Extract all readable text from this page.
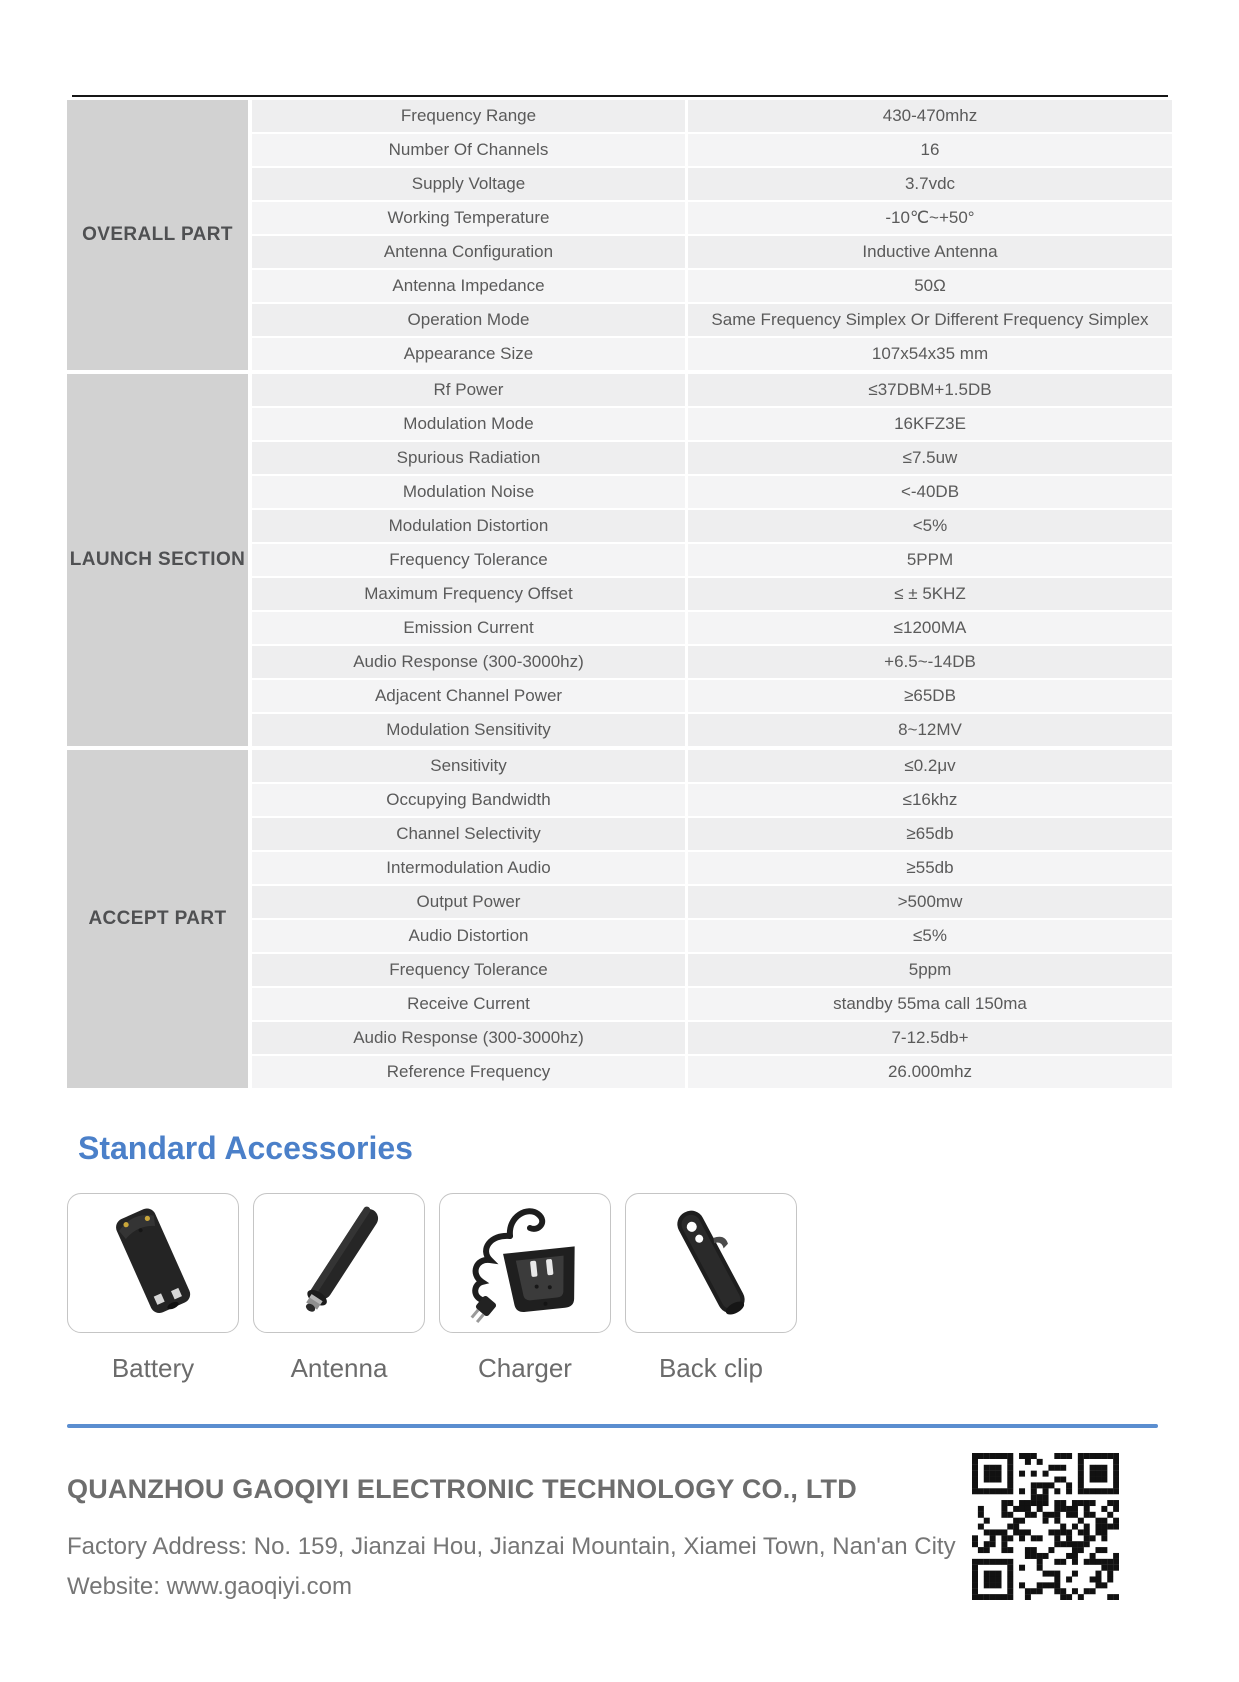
OVERALL PART
Frequency Range	430-470mhz
Number Of Channels	16
Supply Voltage	3.7vdc
Working Temperature	-10℃~+50°
Antenna Configuration	Inductive Antenna
Antenna Impedance	50Ω
Operation Mode	Same Frequency Simplex Or Different Frequency Simplex
Appearance Size	107x54x35 mm
LAUNCH SECTION
Rf Power	≤37DBM+1.5DB
Modulation Mode	16KFZ3E
Spurious Radiation	≤7.5uw
Modulation Noise	<-40DB
Modulation Distortion	<5%
Frequency Tolerance	5PPM
Maximum Frequency Offset	≤ ± 5KHZ
Emission Current	≤1200MA
Audio Response (300-3000hz)	+6.5~-14DB
Adjacent Channel Power	≥65DB
Modulation Sensitivity	8~12MV
ACCEPT PART
Sensitivity	≤0.2μv
Occupying Bandwidth	≤16khz
Channel Selectivity	≥65db
Intermodulation Audio	≥55db
Output Power	>500mw
Audio Distortion	≤5%
Frequency Tolerance	5ppm
Receive Current	standby 55ma call 150ma
Audio Response (300-3000hz)	7-12.5db+
Reference Frequency	26.000mhz
Standard Accessories
Battery	Antenna	Charger	Back clip
QUANZHOU GAOQIYI ELECTRONIC TECHNOLOGY CO., LTD
Factory Address: No. 159, Jianzai Hou, Jianzai Mountain, Xiamei Town, Nan'an City
Website: www.gaoqiyi.com
